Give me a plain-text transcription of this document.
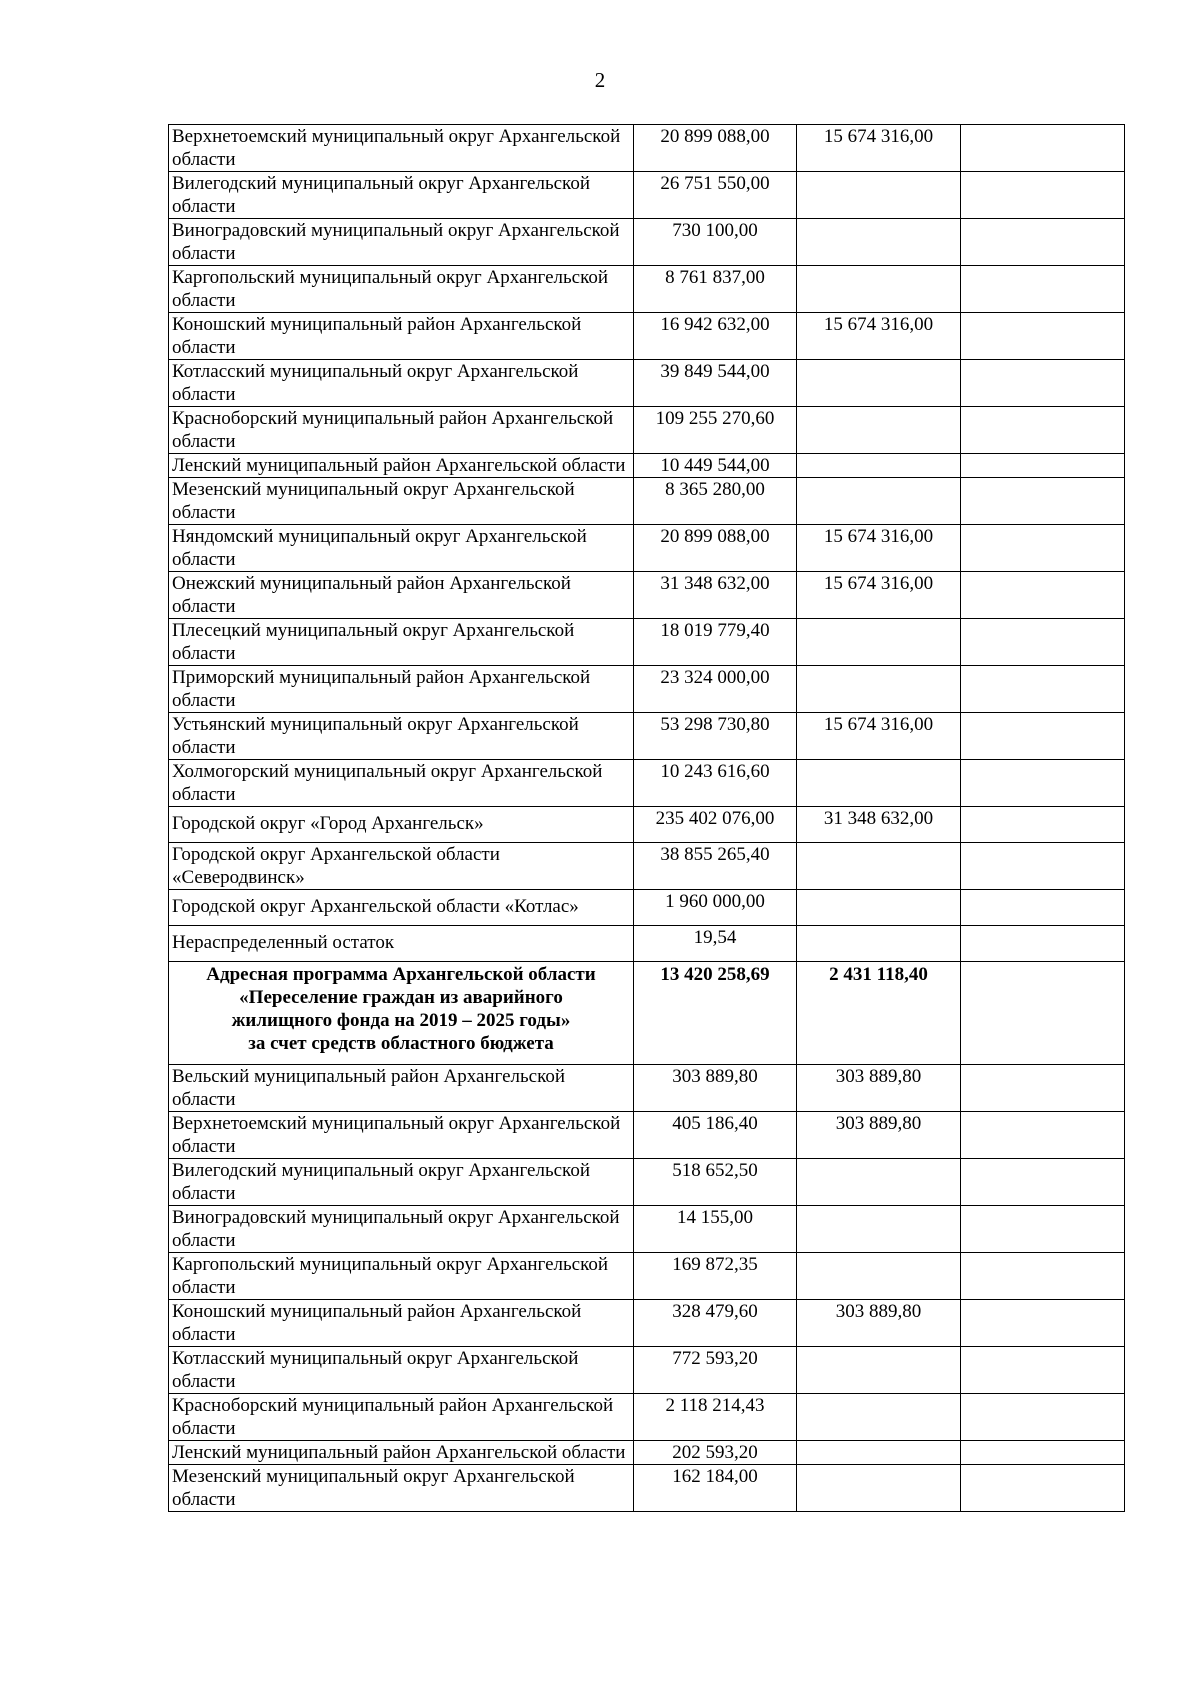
2
Верхнетоемский муниципальный округ Архангельской области	20 899 088,00	15 674 316,00	
Вилегодский муниципальный округ Архангельской области	26 751 550,00		
Виноградовский муниципальный округ Архангельской области	730 100,00		
Каргопольский муниципальный округ Архангельской области	8 761 837,00		
Коношский муниципальный район Архангельской области	16 942 632,00	15 674 316,00	
Котласский муниципальный округ Архангельской области	39 849 544,00		
Красноборский муниципальный район Архангельской области	109 255 270,60		
Ленский муниципальный район Архангельской области	10 449 544,00		
Мезенский муниципальный округ Архангельской области	8 365 280,00		
Няндомский муниципальный округ Архангельской области	20 899 088,00	15 674 316,00	
Онежский муниципальный район Архангельской области	31 348 632,00	15 674 316,00	
Плесецкий муниципальный округ Архангельской области	18 019 779,40		
Приморский муниципальный район Архангельской области	23 324 000,00		
Устьянский муниципальный округ Архангельской области	53 298 730,80	15 674 316,00	
Холмогорский муниципальный округ Архангельской области	10 243 616,60		
Городской округ «Город Архангельск»	235 402 076,00	31 348 632,00	
Городской округ Архангельской области «Северодвинск»	38 855 265,40		
Городской округ Архангельской области «Котлас»	1 960 000,00		
Нераспределенный остаток	19,54		

Адресная программа Архангельской области
«Переселение граждан из аварийного
жилищного фонда на 2019 – 2025 годы»
за счет средств областного бюджета	13 420 258,69	2 431 118,40	
Вельский муниципальный район Архангельской области	303 889,80	303 889,80	
Верхнетоемский муниципальный округ Архангельской области	405 186,40	303 889,80	
Вилегодский муниципальный округ Архангельской области	518 652,50		
Виноградовский муниципальный округ Архангельской области	14 155,00		
Каргопольский муниципальный округ Архангельской области	169 872,35		
Коношский муниципальный район Архангельской области	328 479,60	303 889,80	
Котласский муниципальный округ Архангельской области	772 593,20		
Красноборский муниципальный район Архангельской области	2 118 214,43		
Ленский муниципальный район Архангельской области	202 593,20		
Мезенский муниципальный округ Архангельской области	162 184,00		
